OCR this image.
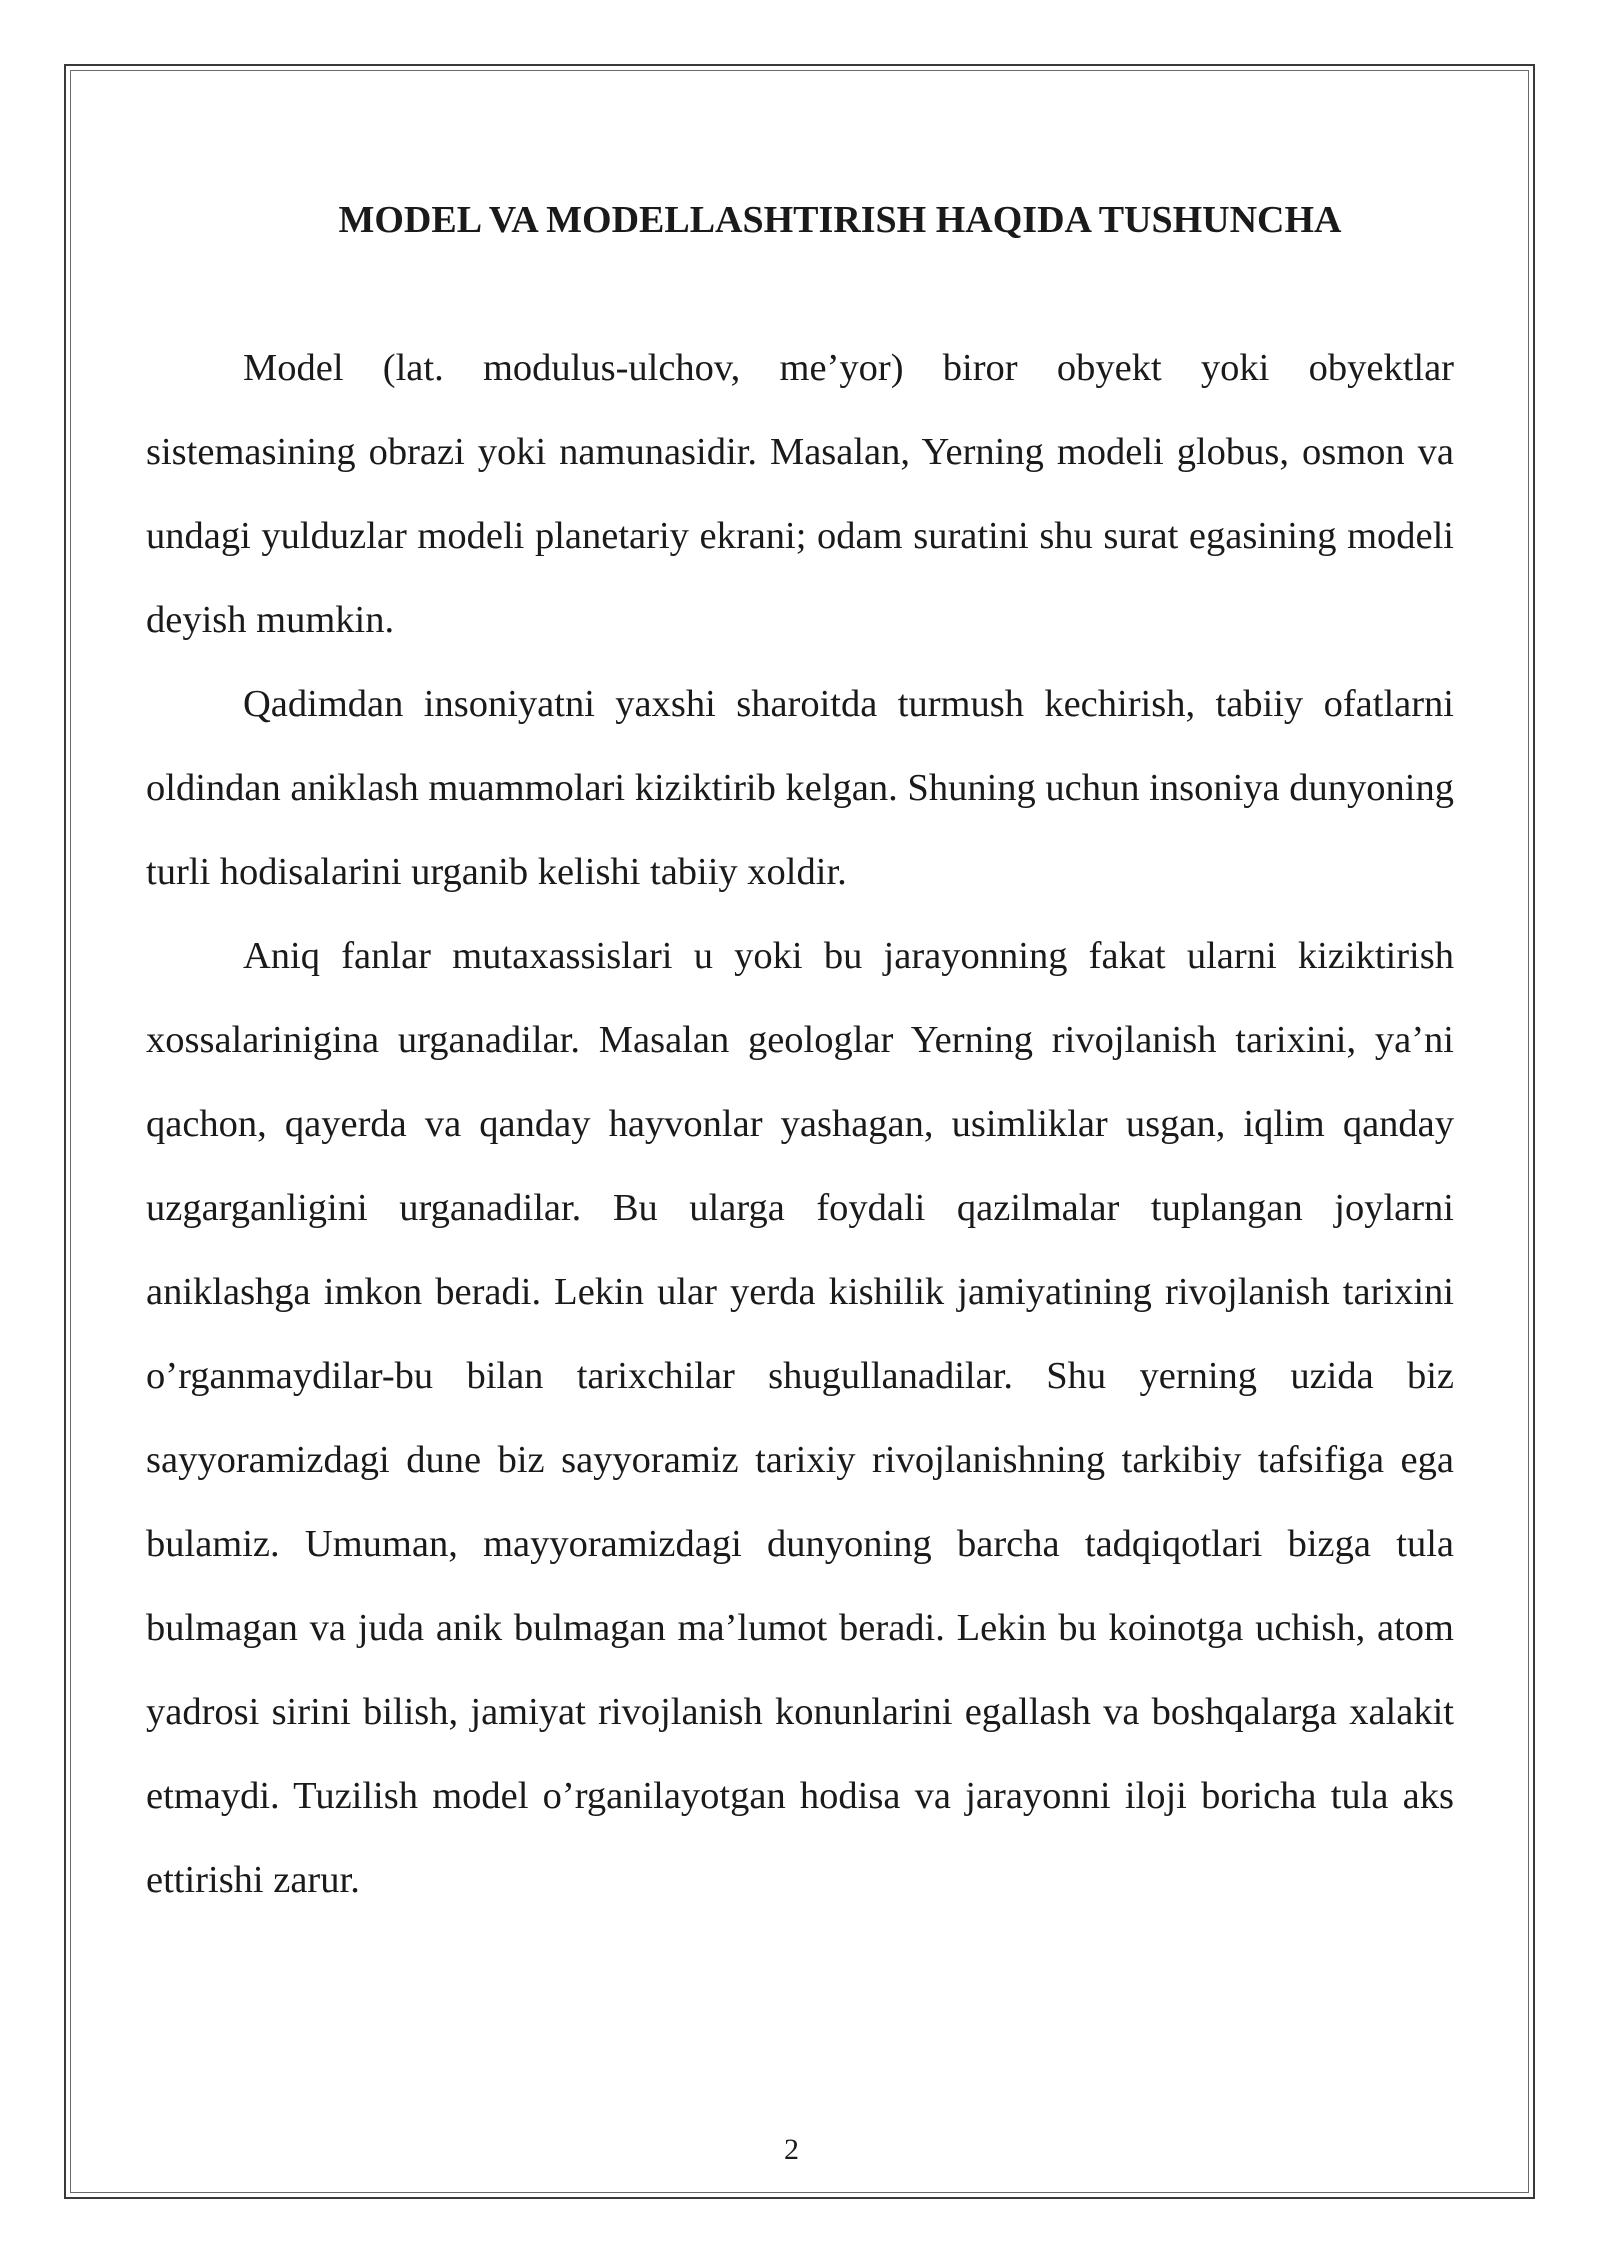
MODEL VA MODELLASHTIRISH HAQIDA TUSHUNCHA

Model (lat. modulus-ulchov, me’yor) biror obyekt yoki obyektlar sistemasining obrazi yoki namunasidir. Masalan, Yerning modeli globus, osmon va undagi yulduzlar modeli planetariy ekrani; odam suratini shu surat egasining modeli deyish mumkin.

Qadimdan insoniyatni yaxshi sharoitda turmush kechirish, tabiiy ofatlarni oldindan aniklash muammolari kiziktirib kelgan. Shuning uchun insoniya dunyoning turli hodisalarini urganib kelishi tabiiy xoldir.

Aniq fanlar mutaxassislari u yoki bu jarayonning fakat ularni kiziktirish xossalarinigina urganadilar. Masalan geologlar Yerning rivojlanish tarixini, ya’ni qachon, qayerda va qanday hayvonlar yashagan, usimliklar usgan, iqlim qanday uzgarganligini urganadilar. Bu ularga foydali qazilmalar tuplangan joylarni aniklashga imkon beradi. Lekin ular yerda kishilik jamiyatining rivojlanish tarixini o’rganmaydilar-bu bilan tarixchilar shugullanadilar. Shu yerning uzida biz sayyoramizdagi dune biz sayyoramiz tarixiy rivojlanishning tarkibiy tafsifiga ega bulamiz. Umuman, mayyoramizdagi dunyoning barcha tadqiqotlari bizga tula bulmagan va juda anik bulmagan ma’lumot beradi. Lekin bu koinotga uchish, atom yadrosi sirini bilish, jamiyat rivojlanish konunlarini egallash va boshqalarga xalakit etmaydi. Tuzilish model o’rganilayotgan hodisa va jarayonni iloji boricha tula aks ettirishi zarur.

2
